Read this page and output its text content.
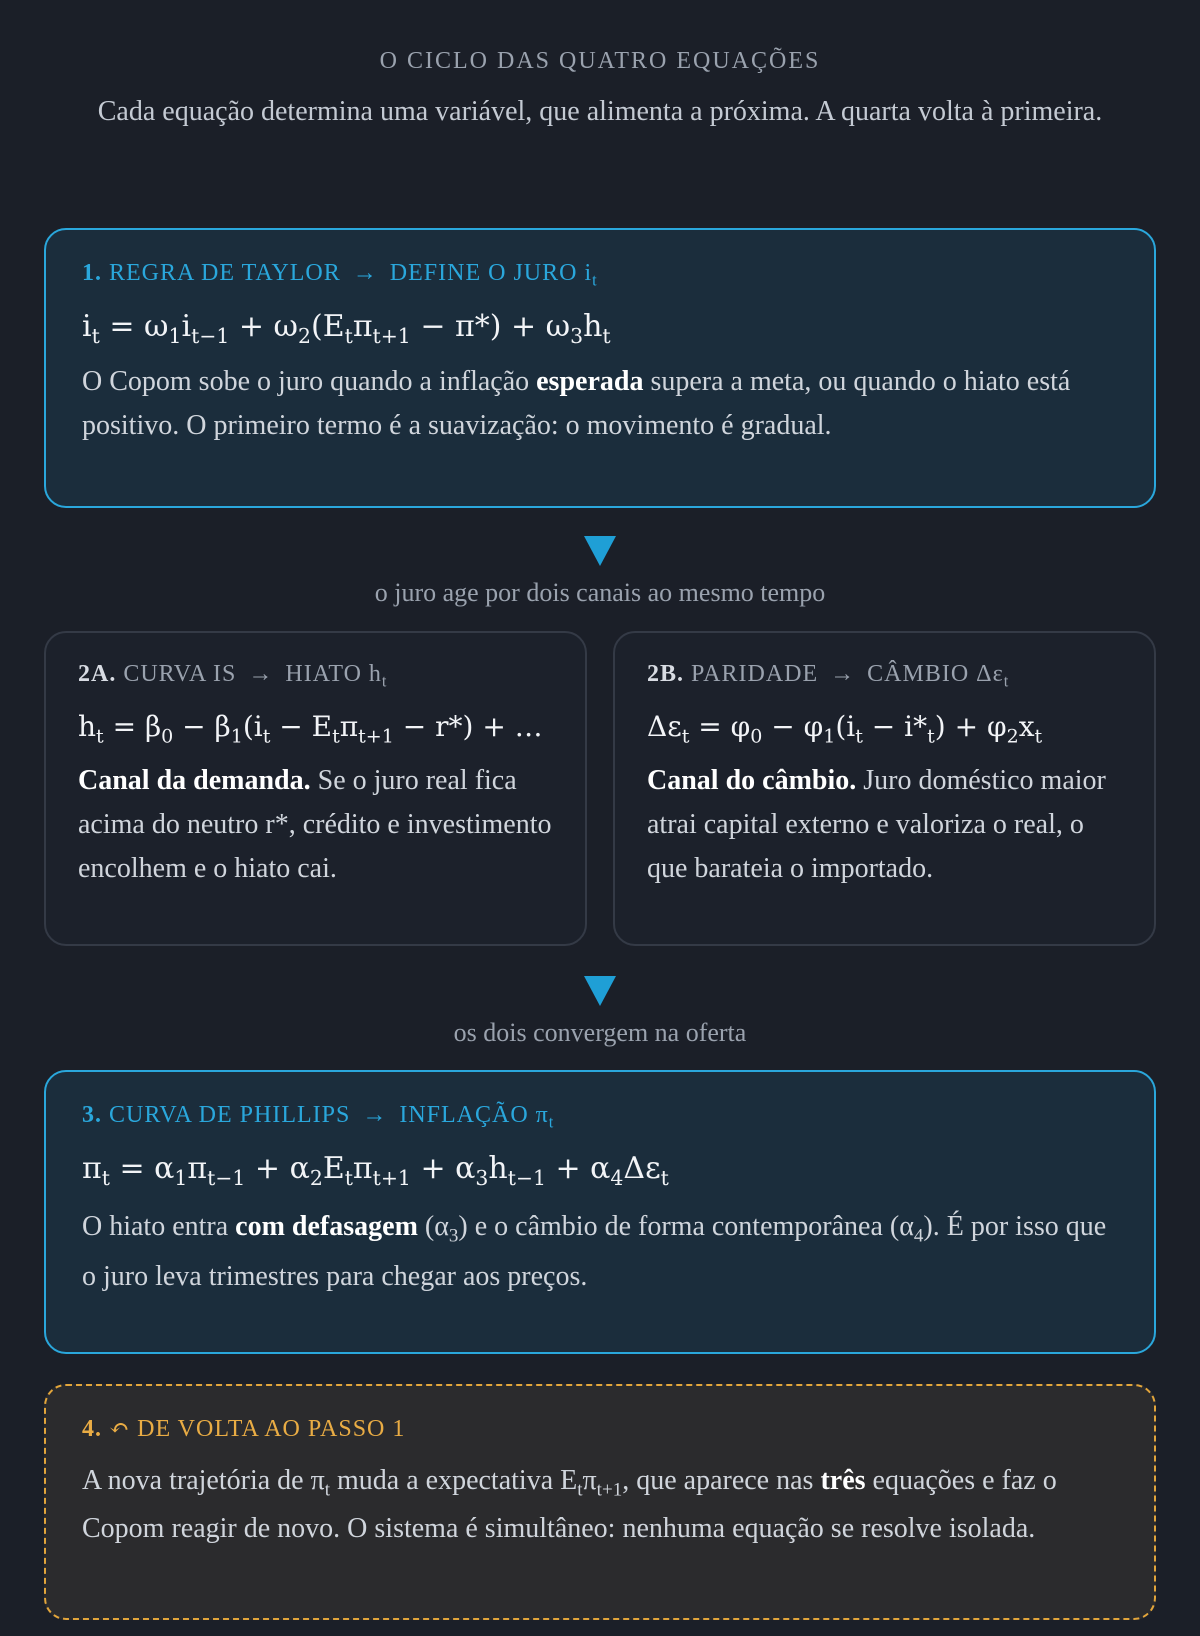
O CICLO DAS QUATRO EQUAÇÕES
Cada equação determina uma variável, que alimenta a próxima. A quarta volta à primeira.
1. REGRA DE TAYLOR → DEFINE O JURO $i_t$
$i_t = \omega_1i_{t-1} + \omega_2(E_t\pi_{t+1} - \pi*) + \omega_3h_t$
O Copom sobe o juro quando a inflação esperada supera a meta, ou quando o hiato está positivo. O primeiro termo é a suavização: o movimento é gradual.
o juro age por dois canais ao mesmo tempo
2A. CURVA IS → HIATO $h_t$
$h_t = \beta_0 - \beta_1(i_t - E_t\pi_{t+1} - r*)$ + …
Canal da demanda. Se o juro real fica acima do neutro r*, crédito e investimento encolhem e o hiato cai.
2B. PARIDADE → CÂMBIO $\Delta\varepsilon_t$
$\Delta\varepsilon_t = \varphi_0 - \varphi_1(i_t - i*_t) + \varphi_2x_t$
Canal do câmbio. Juro doméstico maior atrai capital externo e valoriza o real, o que barateia o importado.
os dois convergem na oferta
3. CURVA DE PHILLIPS → INFLAÇÃO $\pi_t$
$\pi_t = \alpha_1\pi_{t-1} + \alpha_2E_t\pi_{t+1} + \alpha_3h_{t-1} + \alpha_4\Delta\varepsilon_t$
O hiato entra com defasagem $(\alpha_3)$ e o câmbio de forma contemporânea $(\alpha_4)$. É por isso que o juro leva trimestres para chegar aos preços.
4. ↶ DE VOLTA AO PASSO 1
A nova trajetória de $\pi_t$ muda a expectativa $E_t\pi_{t+1}$, que aparece nas três equações e faz o Copom reagir de novo. O sistema é simultâneo: nenhuma equação se resolve isolada.
